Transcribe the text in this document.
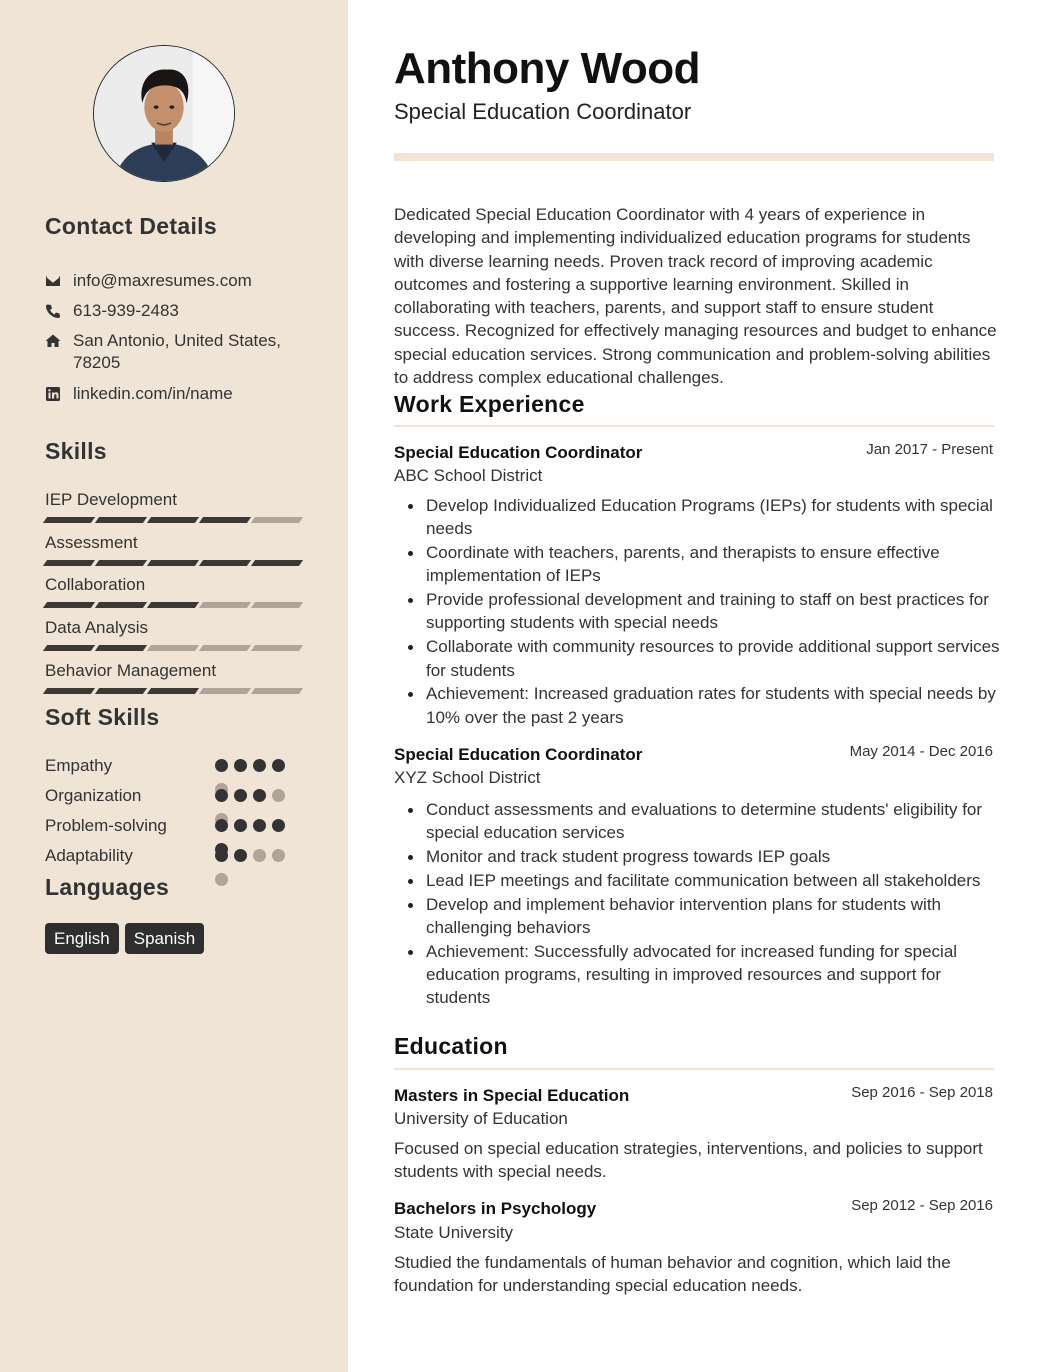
Contact Details
info@maxresumes.com
613-939-2483
San Antonio, United States, 78205
linkedin.com/in/name
Skills
IEP Development
Assessment
Collaboration
Data Analysis
Behavior Management
Soft Skills
Empathy
Organization
Problem-solving
Adaptability
Languages
English	Spanish
Anthony Wood
Special Education Coordinator
Dedicated Special Education Coordinator with 4 years of experience in developing and implementing individualized education programs for students with diverse learning needs. Proven track record of improving academic outcomes and fostering a supportive learning environment. Skilled in collaborating with teachers, parents, and support staff to ensure student success. Recognized for effectively managing resources and budget to enhance special education services. Strong communication and problem-solving abilities to address complex educational challenges.
Work Experience
Special Education Coordinator	Jan 2017 - Present
ABC School District
Develop Individualized Education Programs (IEPs) for students with special needs
Coordinate with teachers, parents, and therapists to ensure effective implementation of IEPs
Provide professional development and training to staff on best practices for supporting students with special needs
Collaborate with community resources to provide additional support services for students
Achievement: Increased graduation rates for students with special needs by 10% over the past 2 years
Special Education Coordinator	May 2014 - Dec 2016
XYZ School District
Conduct assessments and evaluations to determine students' eligibility for special education services
Monitor and track student progress towards IEP goals
Lead IEP meetings and facilitate communication between all stakeholders
Develop and implement behavior intervention plans for students with challenging behaviors
Achievement: Successfully advocated for increased funding for special education programs, resulting in improved resources and support for students
Education
Masters in Special Education	Sep 2016 - Sep 2018
University of Education
Focused on special education strategies, interventions, and policies to support students with special needs.
Bachelors in Psychology	Sep 2012 - Sep 2016
State University
Studied the fundamentals of human behavior and cognition, which laid the foundation for understanding special education needs.
